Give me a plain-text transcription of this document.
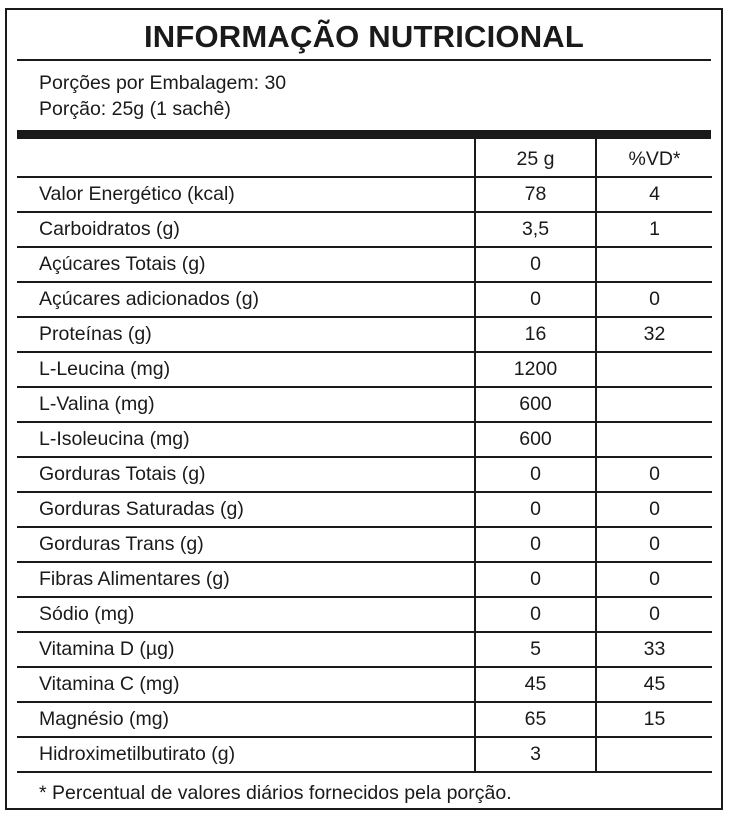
INFORMAÇÃO NUTRICIONAL
Porções por Embalagem: 30
Porção: 25g (1 sachê)
	25 g	%VD*
Valor Energético (kcal)	78	4
Carboidratos (g)	3,5	1
Açúcares Totais (g)	0	
Açúcares adicionados (g)	0	0
Proteínas (g)	16	32
L-Leucina (mg)	1200	
L-Valina (mg)	600	
L-Isoleucina (mg)	600	
Gorduras Totais (g)	0	0
Gorduras Saturadas (g)	0	0
Gorduras Trans (g)	0	0
Fibras Alimentares (g)	0	0
Sódio (mg)	0	0
Vitamina D (µg)	5	33
Vitamina C (mg)	45	45
Magnésio (mg)	65	15
Hidroximetilbutirato (g)	3	
* Percentual de valores diários fornecidos pela porção.
